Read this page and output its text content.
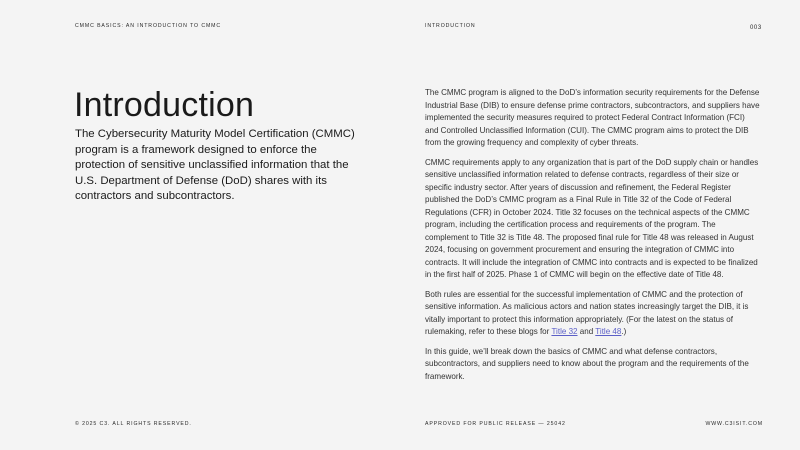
CMMC BASICS: AN INTRODUCTION TO CMMC	INTRODUCTION	003
Introduction

The Cybersecurity Maturity Model Certification (CMMC) program is a framework designed to enforce the protection of sensitive unclassified information that the U.S. Department of Defense (DoD) shares with its contractors and subcontractors.

The CMMC program is aligned to the DoD’s information security requirements for the Defense Industrial Base (DIB) to ensure defense prime contractors, subcontractors, and suppliers have implemented the security measures required to protect Federal Contract Information (FCI) and Controlled Unclassified Information (CUI). The CMMC program aims to protect the DIB from the growing frequency and complexity of cyber threats.

CMMC requirements apply to any organization that is part of the DoD supply chain or handles sensitive unclassified information related to defense contracts, regardless of their size or specific industry sector. After years of discussion and refinement, the Federal Register published the DoD’s CMMC program as a Final Rule in Title 32 of the Code of Federal Regulations (CFR) in October 2024. Title 32 focuses on the technical aspects of the CMMC program, including the certification process and requirements of the program. The complement to Title 32 is Title 48. The proposed final rule for Title 48 was released in August 2024, focusing on government procurement and ensuring the integration of CMMC into contracts. It will include the integration of CMMC into contracts and is expected to be finalized in the first half of 2025. Phase 1 of CMMC will begin on the effective date of Title 48.

Both rules are essential for the successful implementation of CMMC and the protection of sensitive information. As malicious actors and nation states increasingly target the DIB, it is vitally important to protect this information appropriately. (For the latest on the status of rulemaking, refer to these blogs for Title 32 and Title 48.)

In this guide, we’ll break down the basics of CMMC and what defense contractors, subcontractors, and suppliers need to know about the program and the requirements of the framework.

© 2025 C3. ALL RIGHTS RESERVED.	APPROVED FOR PUBLIC RELEASE — 25042	WWW.C3ISIT.COM
